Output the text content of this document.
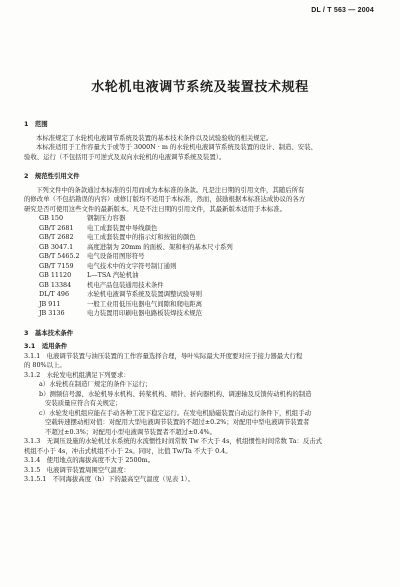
DL / T 563 — 2004
水轮机电液调节系统及装置技术规程
1　范围
本标准规定了水轮机电液调节系统及装置的基本技术条件以及试验验收的相关规定。
本标准适用于工作容量大于或等于 3000N · m 的水轮机电液调节系统及装置的设计、制造、安装、
验收、运行（不包括用于可逆式及双向水轮机的电液调节系统及装置）。
2　规范性引用文件
下列文件中的条款通过本标准的引用而成为本标准的条款。凡是注日期的引用文件，其随后所有
的修改单（不包括勘误的内容）或修订版均不适用于本标准，然而，鼓励根据本标准达成协议的各方
研究是否可使用这些文件的最新版本。凡是不注日期的引用文件，其最新版本适用于本标准。
GB 150	钢制压力容器
GB/T 2681	电工成套装置中导线颜色
GB/T 2682	电工成套装置中的指示灯和按钮的颜色
GB 3047.1	高度进制为 20mm 的面板、架和柜的基本尺寸系列
GB/T 5465.2	电气设备用图形符号
GB/T 7159	电气技术中的文字符号制订通则
GB 11120	L—TSA 汽轮机油
GB 13384	机电产品包装通用技术条件
DL/T 496	水轮机电液调节系统及装置调整试验导则
JB 911	一般工业用低压电器电气间隙和爬电距离
JB 3136	电力装置用印刷电器电路板装焊技术规范
3　基本技术条件
3.1　适用条件
3.1.1　电液调节装置与油压装置的工作容量选择合理，导叶实际最大开度要对应于接力器最大行程
的 80%以上。
3.1.2　水轮发电机组满足下列要求：
a）水轮机在制造厂规定的条件下运行；
b）测频信号源、水轮机导水机构、转桨机构、喷针、折向器机构、调速轴及反馈传动机构的制造
安装质量应符合有关规定；
c）水轮发电机组应能在手动各种工况下稳定运行。在发电机励磁装置自动运行条件下，机组手动
空载转速摆动相对值：对配用大型电液调节装置的不超过±0.2%；对配用中型电液调节装置者
不超过±0.3%；对配用小型电液调节装置者不超过±0.4%。
3.1.3　无调压设施的水轮机过水系统的水流惯性时间常数 Tw 不大于 4s，机组惯性时间常数 Ta：反击式
机组不小于 4s，冲击式机组不小于 2s。同时，比值 Tw/Ta 不大于 0.4。
3.1.4　使用地点的海拔高度不大于 2500m。
3.1.5　电液调节装置周围空气温度：
3.1.5.1　不同海拔高度（h）下的最高空气温度（见表 1）。
